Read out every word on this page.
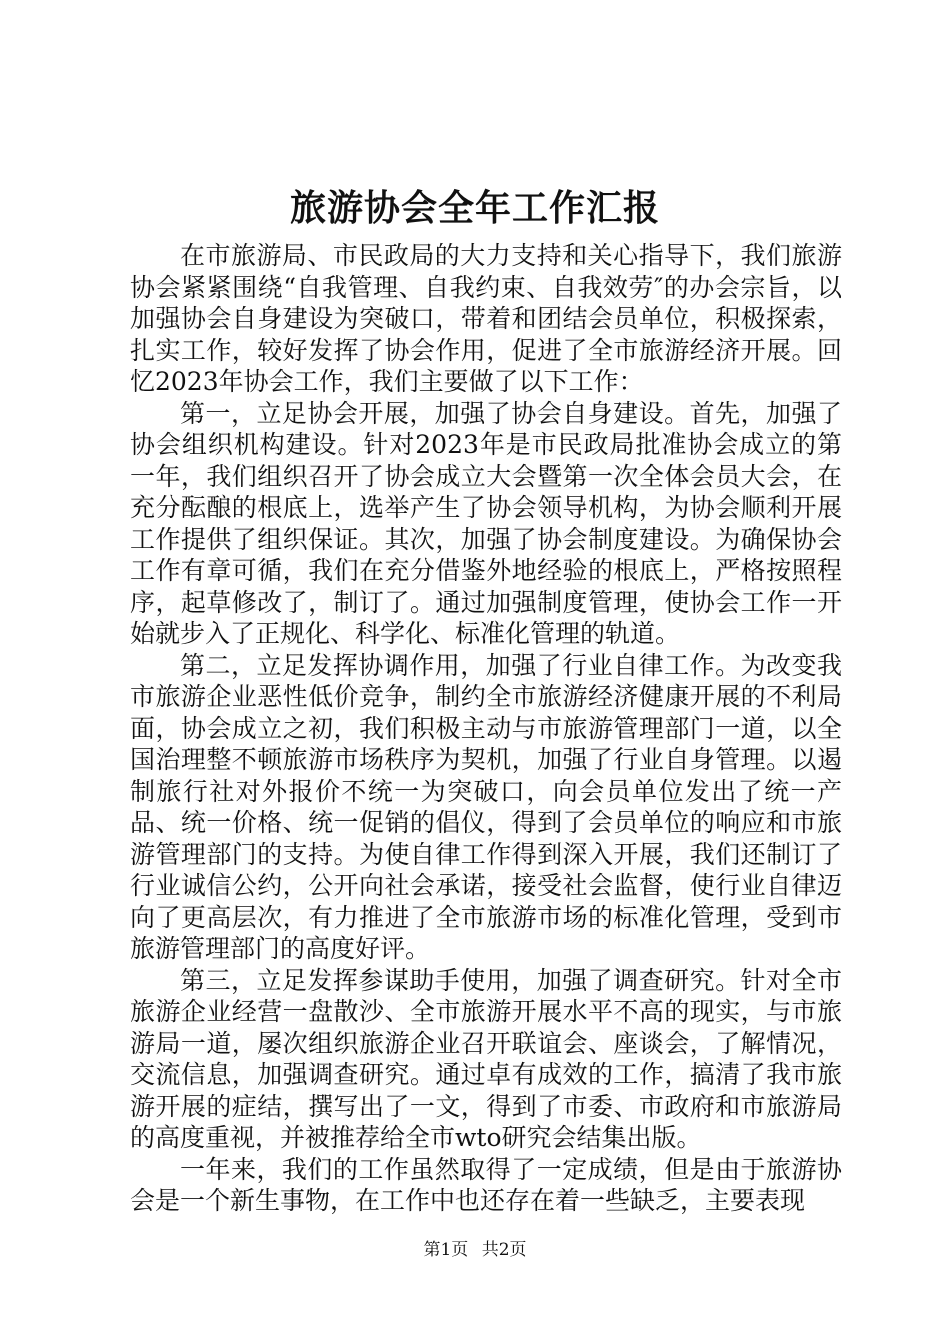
旅游协会全年工作汇报

在市旅游局、市民政局的大力支持和关心指导下，我们旅游协会紧紧围绕“自我管理、自我约束、自我效劳″的办会宗旨，以加强协会自身建设为突破口，带着和团结会员单位，积极探索，扎实工作，较好发挥了协会作用，促进了全市旅游经济开展。回忆2023年协会工作，我们主要做了以下工作：

第一，立足协会开展，加强了协会自身建设。首先，加强了协会组织机构建设。针对2023年是市民政局批准协会成立的第一年，我们组织召开了协会成立大会暨第一次全体会员大会，在充分酝酿的根底上，选举产生了协会领导机构，为协会顺利开展工作提供了组织保证。其次，加强了协会制度建设。为确保协会工作有章可循，我们在充分借鉴外地经验的根底上，严格按照程序，起草修改了，制订了。通过加强制度管理，使协会工作一开始就步入了正规化、科学化、标准化管理的轨道。

第二，立足发挥协调作用，加强了行业自律工作。为改变我市旅游企业恶性低价竞争，制约全市旅游经济健康开展的不利局面，协会成立之初，我们积极主动与市旅游管理部门一道，以全国治理整不顿旅游市场秩序为契机，加强了行业自身管理。以遏制旅行社对外报价不统一为突破口，向会员单位发出了统一产品、统一价格、统一促销的倡仪，得到了会员单位的响应和市旅游管理部门的支持。为使自律工作得到深入开展，我们还制订了行业诚信公约，公开向社会承诺，接受社会监督，使行业自律迈向了更高层次，有力推进了全市旅游市场的标准化管理，受到市旅游管理部门的高度好评。

第三，立足发挥参谋助手使用，加强了调查研究。针对全市旅游企业经营一盘散沙、全市旅游开展水平不高的现实，与市旅游局一道，屡次组织旅游企业召开联谊会、座谈会，了解情况，交流信息，加强调查研究。通过卓有成效的工作，搞清了我市旅游开展的症结，撰写出了一文，得到了市委、市政府和市旅游局的高度重视，并被推荐给全市wto研究会结集出版。

一年来，我们的工作虽然取得了一定成绩，但是由于旅游协会是一个新生事物，在工作中也还存在着一些缺乏，主要表现

第1页 共2页
